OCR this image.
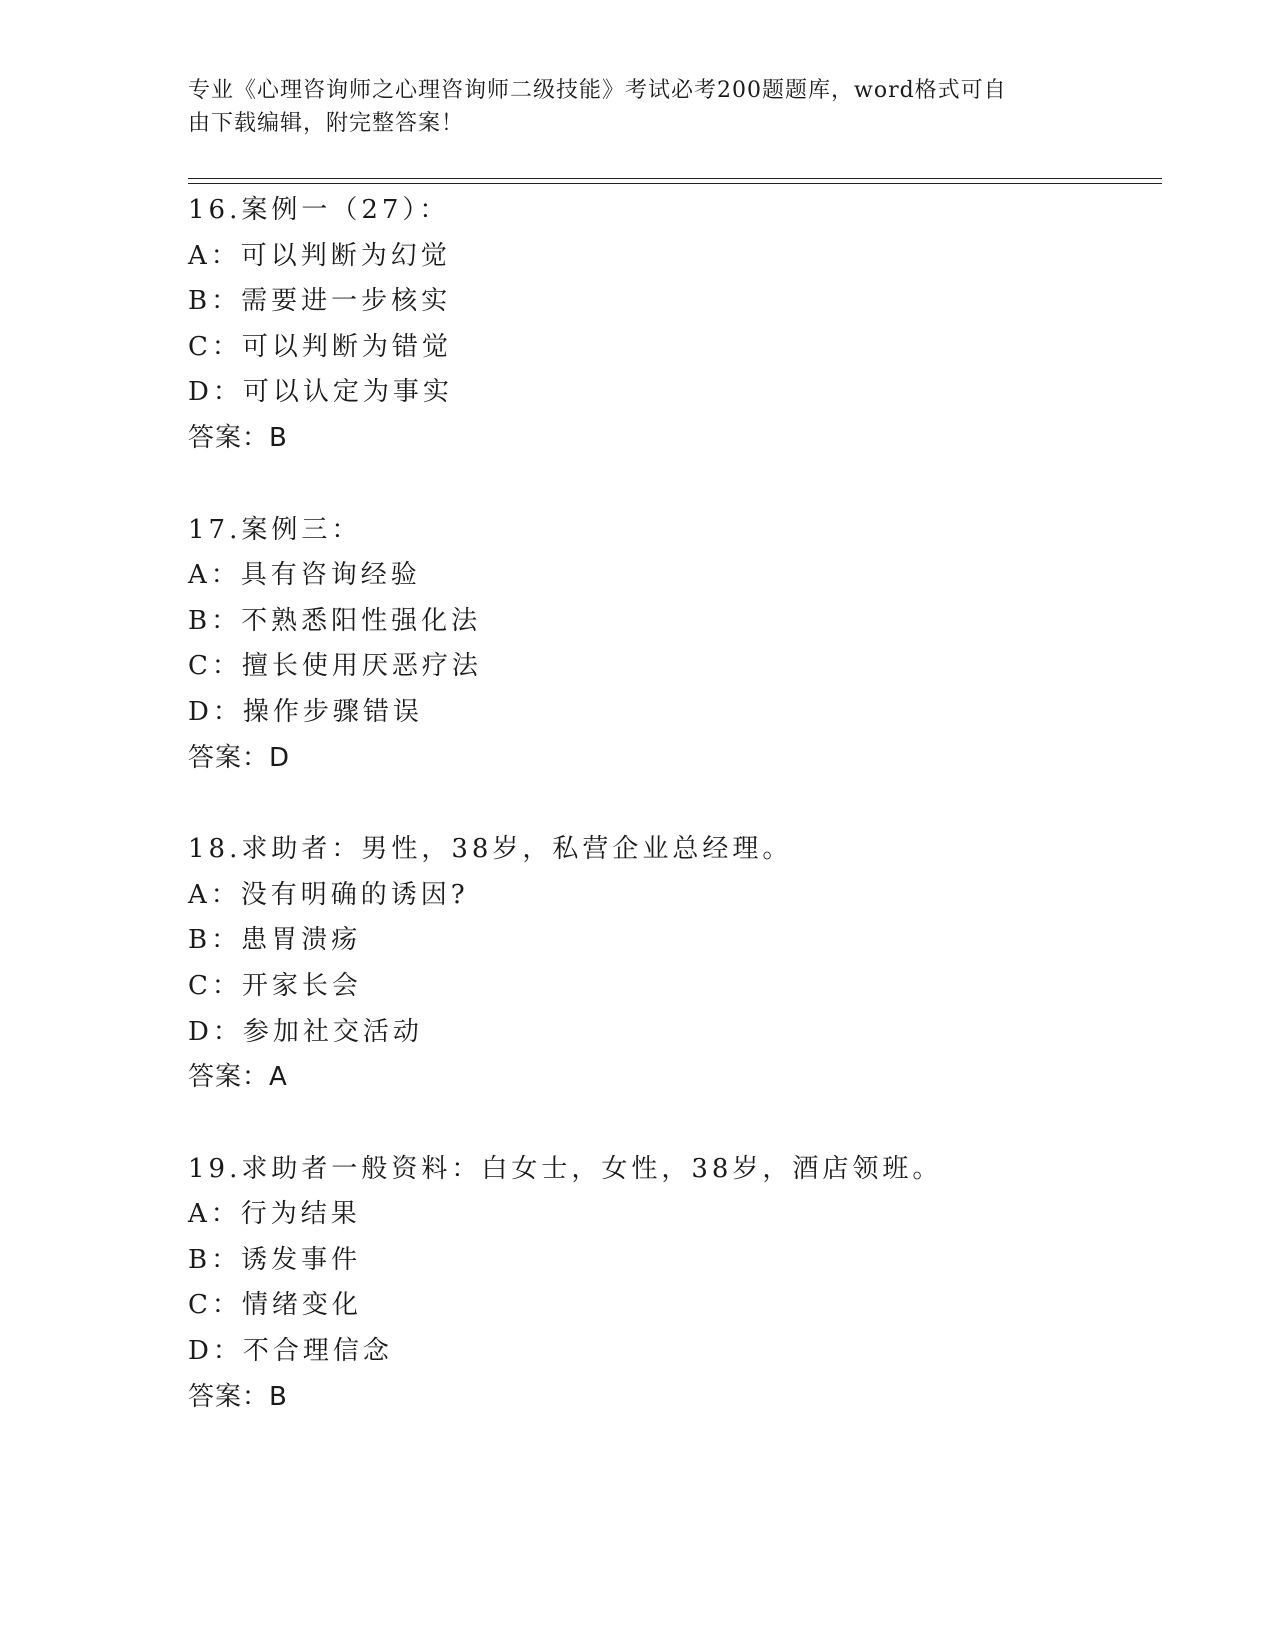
专业《心理咨询师之心理咨询师二级技能》考试必考200题题库，word格式可自
由下载编辑，附完整答案！
16.案例一（27）：
A：可以判断为幻觉
B：需要进一步核实
C：可以判断为错觉
D：可以认定为事实
答案：B
17.案例三：
A：具有咨询经验
B：不熟悉阳性强化法
C：擅长使用厌恶疗法
D：操作步骤错误
答案：D
18.求助者：男性，38岁，私营企业总经理。
A：没有明确的诱因?
B：患胃溃疡
C：开家长会
D：参加社交活动
答案：A
19.求助者一般资料：白女士，女性，38岁，酒店领班。
A：行为结果
B：诱发事件
C：情绪变化
D：不合理信念
答案：B
